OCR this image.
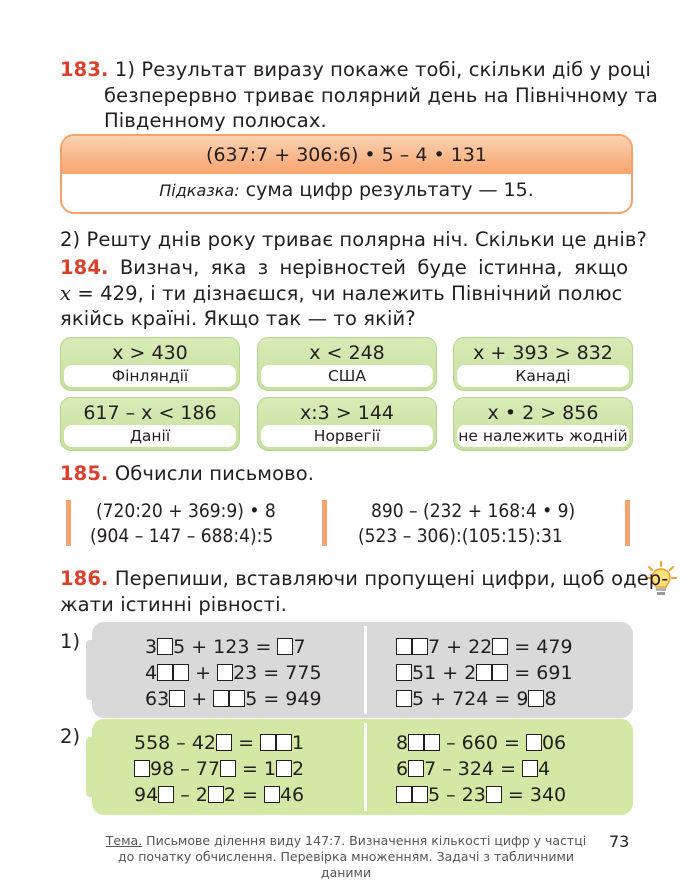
183. 1) Результат виразу покаже тобі, скільки діб у році
безперервно триває полярний день на Північному та
Південному полюсах.
(637:7 + 306:6) • 5 – 4 • 131
Підказка: сума цифр результату — 15.
2) Решту днів року триває полярна ніч. Скільки це днів?
184. Визнач, яка з нерівностей буде істинна, якщо
x = 429, і ти дізнаєшся, чи належить Північний полюс
якійсь країні. Якщо так — то якій?
x > 430
Фінляндії
x < 248
США
x + 393 > 832
Канаді
617 – x < 186
Данії
x:3 > 144
Норвегії
x • 2 > 856
не належить жодній
185. Обчисли письмово.
(720:20 + 369:9) • 8
(904 – 147 – 688:4):5
890 – (232 + 168:4 • 9)
(523 – 306):(105:15):31
186. Перепиши, вставляючи пропущені цифри, щоб одер-
жати істинні рівності.
1)
2)
3 5 + 123 = 7
4 + 23 = 775
63 + 5 = 949
7 + 22 = 479
51 + 2 = 691
5 + 724 = 9 8
558 – 42 = 1
98 – 77 = 1 2
94 – 2 2 = 46
8 – 660 = 06
6 7 – 324 = 4
5 – 23 = 340
Тема. Письмове ділення виду 147:7. Визначення кількості цифр у частці
до початку обчислення. Перевірка множенням. Задачі з табличними даними
73
